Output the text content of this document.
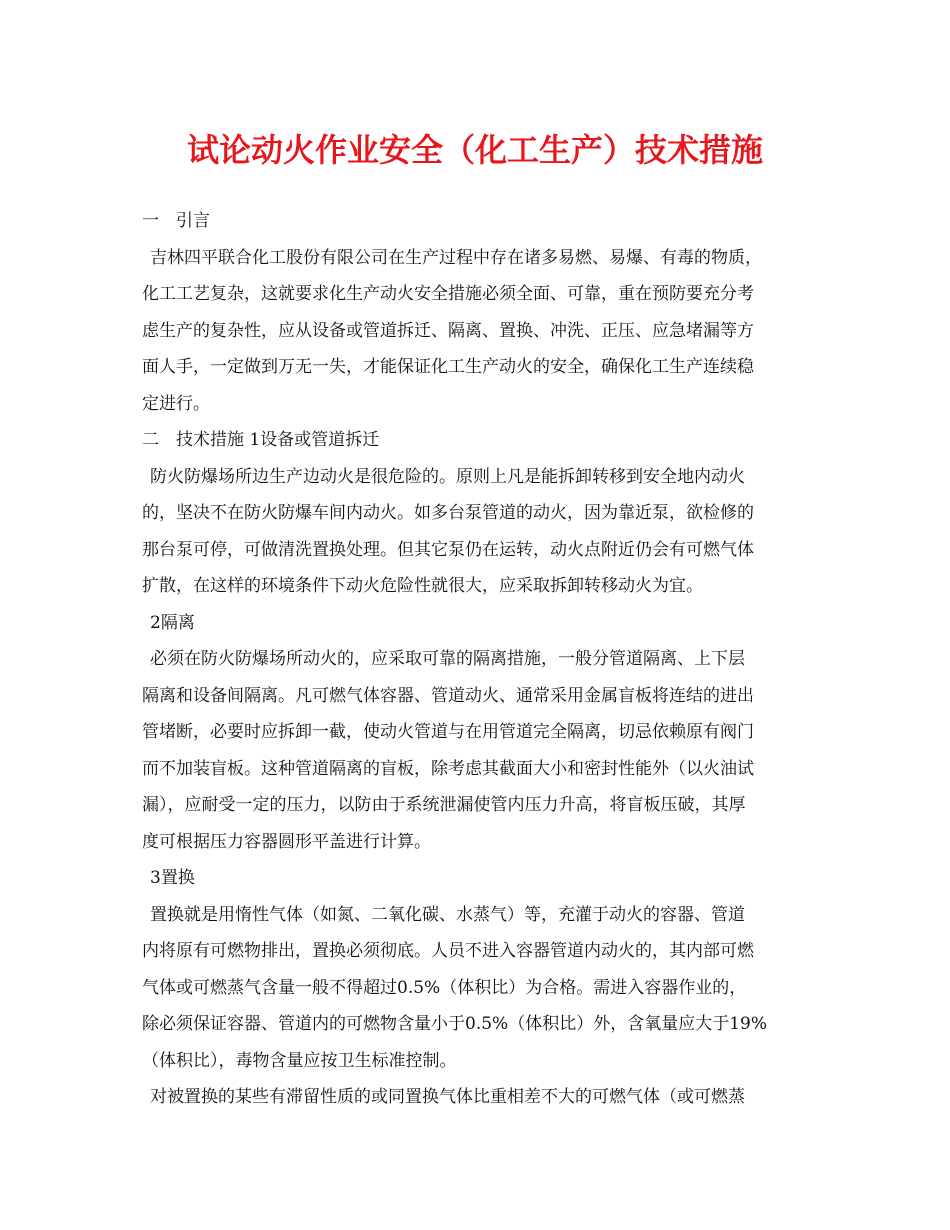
试论动火作业安全（化工生产）技术措施
一　引言
吉林四平联合化工股份有限公司在生产过程中存在诸多易燃、易爆、有毒的物质，
化工工艺复杂，这就要求化生产动火安全措施必须全面、可靠，重在预防要充分考
虑生产的复杂性，应从设备或管道拆迁、隔离、置换、冲洗、正压、应急堵漏等方
面人手，一定做到万无一失，才能保证化工生产动火的安全，确保化工生产连续稳
定进行。
二　技术措施 1设备或管道拆迁
防火防爆场所边生产边动火是很危险的。原则上凡是能拆卸转移到安全地内动火
的，坚决不在防火防爆车间内动火。如多台泵管道的动火，因为靠近泵，欲检修的
那台泵可停，可做清洗置换处理。但其它泵仍在运转，动火点附近仍会有可燃气体
扩散，在这样的环境条件下动火危险性就很大，应采取拆卸转移动火为宜。
2隔离
必须在防火防爆场所动火的，应采取可靠的隔离措施，一般分管道隔离、上下层
隔离和设备间隔离。凡可燃气体容器、管道动火、通常采用金属盲板将连结的进出
管堵断，必要时应拆卸一截，使动火管道与在用管道完全隔离，切忌依赖原有阀门
而不加装盲板。这种管道隔离的盲板，除考虑其截面大小和密封性能外（以火油试
漏），应耐受一定的压力，以防由于系统泄漏使管内压力升高，将盲板压破，其厚
度可根据压力容器圆形平盖进行计算。
3置换
置换就是用惰性气体（如氮、二氧化碳、水蒸气）等，充灌于动火的容器、管道
内将原有可燃物排出，置换必须彻底。人员不进入容器管道内动火的，其内部可燃
气体或可燃蒸气含量一般不得超过0.5%（体积比）为合格。需进入容器作业的，
除必须保证容器、管道内的可燃物含量小于0.5%（体积比）外，含氧量应大于19%
（体积比），毒物含量应按卫生标准控制。
对被置换的某些有滞留性质的或同置换气体比重相差不大的可燃气体（或可燃蒸
